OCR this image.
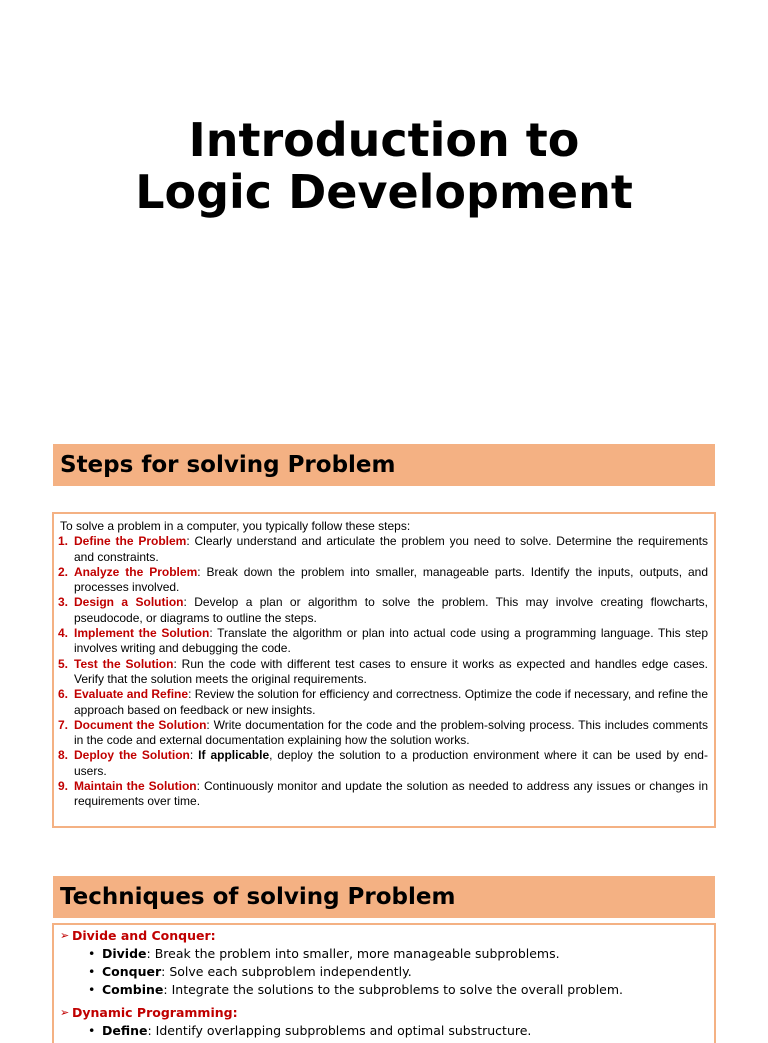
Introduction to
Logic Development
Steps for solving Problem

To solve a problem in a computer, you typically follow these steps:

1. Define the Problem: Clearly understand and articulate the problem you need to solve. Determine the requirements and constraints.
2. Analyze the Problem: Break down the problem into smaller, manageable parts. Identify the inputs, outputs, and processes involved.
3. Design a Solution: Develop a plan or algorithm to solve the problem. This may involve creating flowcharts, pseudocode, or diagrams to outline the steps.
4. Implement the Solution: Translate the algorithm or plan into actual code using a programming language. This step involves writing and debugging the code.
5. Test the Solution: Run the code with different test cases to ensure it works as expected and handles edge cases. Verify that the solution meets the original requirements.
6. Evaluate and Refine: Review the solution for efficiency and correctness. Optimize the code if necessary, and refine the approach based on feedback or new insights.
7. Document the Solution: Write documentation for the code and the problem-solving process. This includes comments in the code and external documentation explaining how the solution works.
8. Deploy the Solution: If applicable, deploy the solution to a production environment where it can be used by end-users.
9. Maintain the Solution: Continuously monitor and update the solution as needed to address any issues or changes in requirements over time.
Techniques of solving Problem
➢ Divide and Conquer:
• Divide: Break the problem into smaller, more manageable subproblems.
• Conquer: Solve each subproblem independently.
• Combine: Integrate the solutions to the subproblems to solve the overall problem.
➢ Dynamic Programming:
• Define: Identify overlapping subproblems and optimal substructure.
